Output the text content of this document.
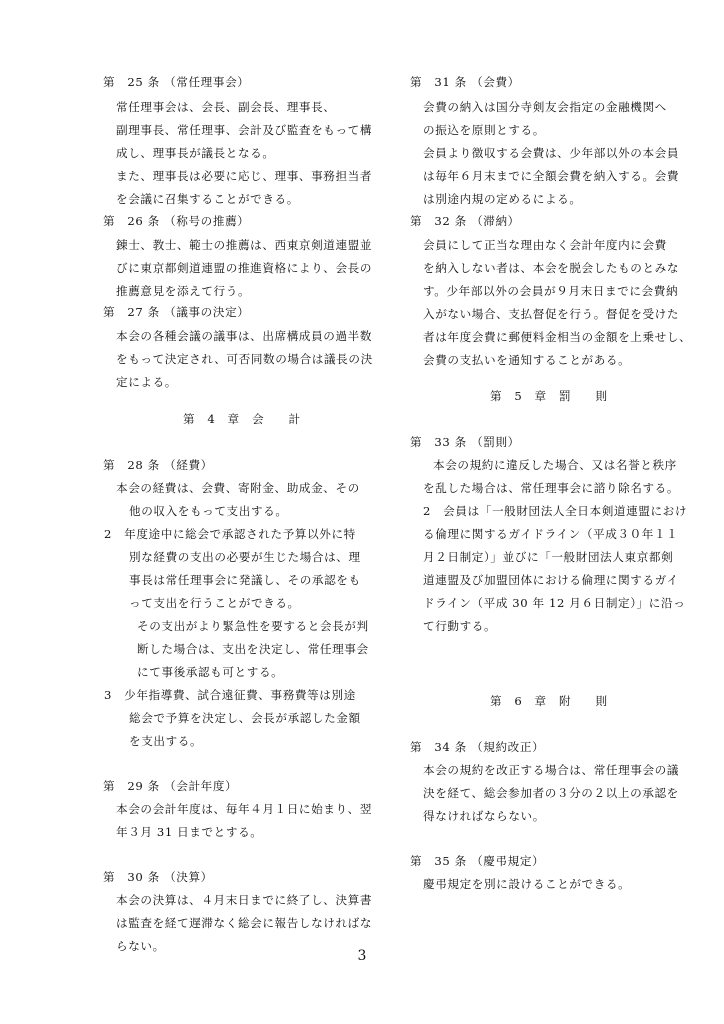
第　25 条 （常任理事会）
常任理事会は、会長、副会長、理事長、
副理事長、常任理事、会計及び監査をもって構
成し、理事長が議長となる。
また、理事長は必要に応じ、理事、事務担当者
を会議に召集することができる。
第　26 条 （称号の推薦）
錬士、教士、範士の推薦は、西東京剣道連盟並
びに東京都剣道連盟の推進資格により、会長の
推薦意見を添えて行う。
第　27 条 （議事の決定）
本会の各種会議の議事は、出席構成員の過半数
をもって決定され、可否同数の場合は議長の決
定による。
第　4　章　会　　計
第　28 条 （経費）
本会の経費は、会費、寄附金、助成金、その
他の収入をもって支出する。
2　年度途中に総会で承認された予算以外に特
別な経費の支出の必要が生じた場合は、理
事長は常任理事会に発議し、その承認をも
って支出を行うことができる。
その支出がより緊急性を要すると会長が判
断した場合は、支出を決定し、常任理事会
にて事後承認も可とする。
3　少年指導費、試合遠征費、事務費等は別途
総会で予算を決定し、会長が承認した金額
を支出する。
第　29 条 （会計年度）
本会の会計年度は、毎年４月１日に始まり、翌
年３月 31 日までとする。
第　30 条 （決算）
本会の決算は、４月末日までに終了し、決算書
は監査を経て遅滞なく総会に報告しなければな
らない。
第　31 条 （会費）
会費の納入は国分寺剣友会指定の金融機関へ
の振込を原則とする。
会員より徴収する会費は、少年部以外の本会員
は毎年６月末までに全額会費を納入する。会費
は別途内規の定めるによる。
第　32 条 （滞納）
会員にして正当な理由なく会計年度内に会費
を納入しない者は、本会を脱会したものとみな
す。少年部以外の会員が９月末日までに会費納
入がない場合、支払督促を行う。督促を受けた
者は年度会費に郵便料金相当の金額を上乗せし、
会費の支払いを通知することがある。
第　5　章　罰　　則
第　33 条 （罰則）
本会の規約に違反した場合、又は名誉と秩序
を乱した場合は、常任理事会に諮り除名する。
2　会員は「一般財団法人全日本剣道連盟におけ
る倫理に関するガイドライン（平成３０年１１
月２日制定）」並びに「一般財団法人東京都剣
道連盟及び加盟団体における倫理に関するガイ
ドライン（平成 30 年 12 月６日制定）」に沿っ
て行動する。
第　6　章　附　　則
第　34 条 （規約改正）
本会の規約を改正する場合は、常任理事会の議
決を経て、総会参加者の３分の２以上の承認を
得なければならない。
第　35 条 （慶弔規定）
慶弔規定を別に設けることができる。
3
